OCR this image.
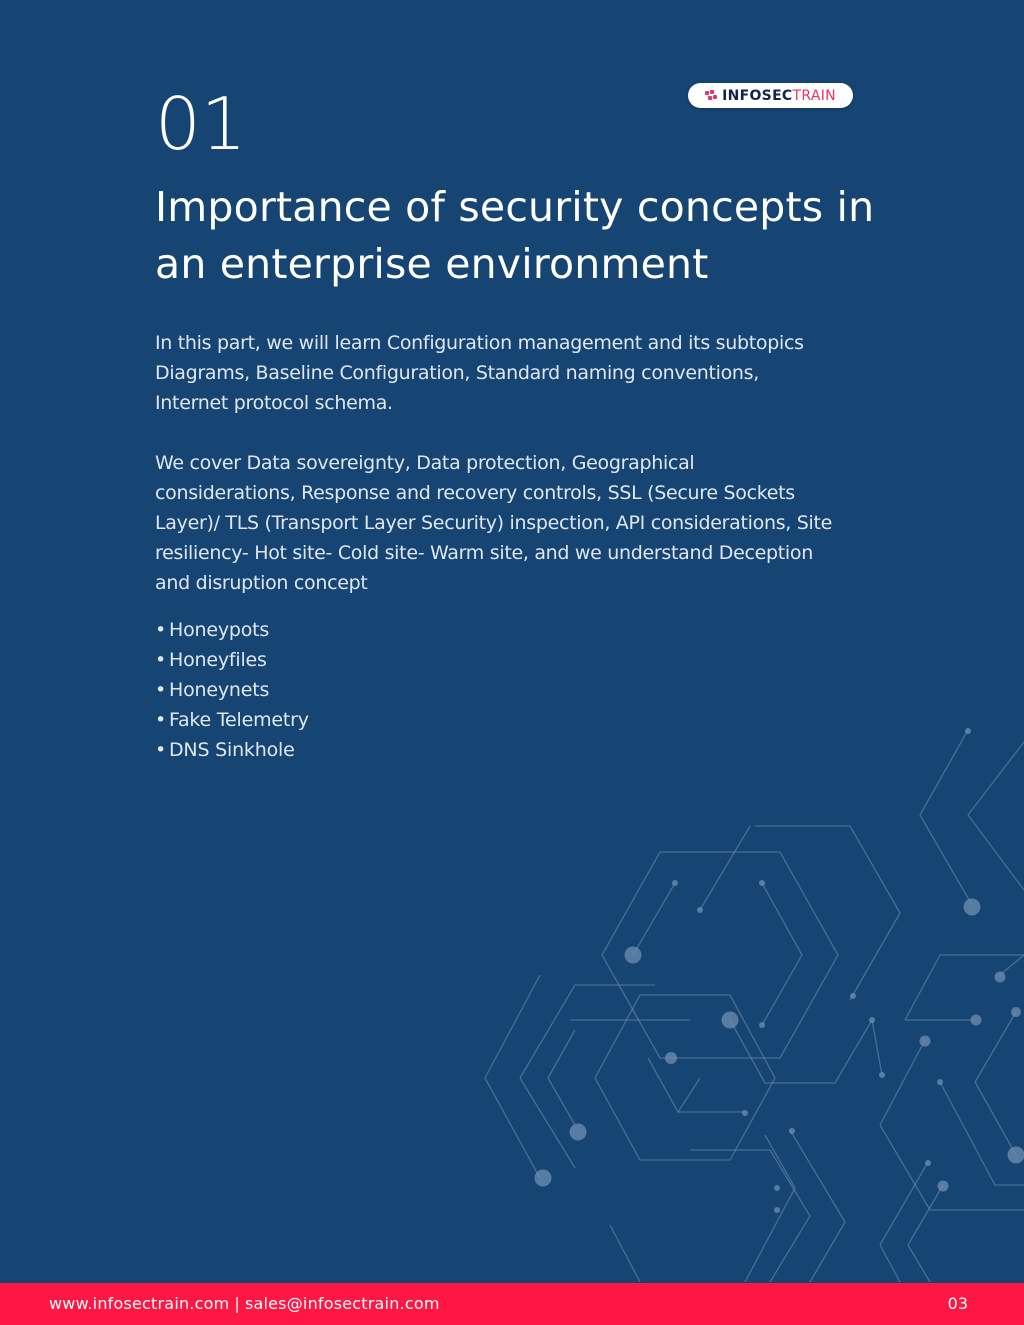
INFOSEC TRAIN
01
Importance of security concepts in an enterprise environment

In this part, we will learn Configuration management and its subtopics Diagrams, Baseline Configuration, Standard naming conventions, Internet protocol schema.

We cover Data sovereignty, Data protection, Geographical considerations, Response and recovery controls, SSL (Secure Sockets Layer)/ TLS (Transport Layer Security) inspection, API considerations, Site resiliency- Hot site- Cold site- Warm site, and we understand Deception and disruption concept

• Honeypots
• Honeyfiles
• Honeynets
• Fake Telemetry
• DNS Sinkhole
www.infosectrain.com | sales@infosectrain.com	03
